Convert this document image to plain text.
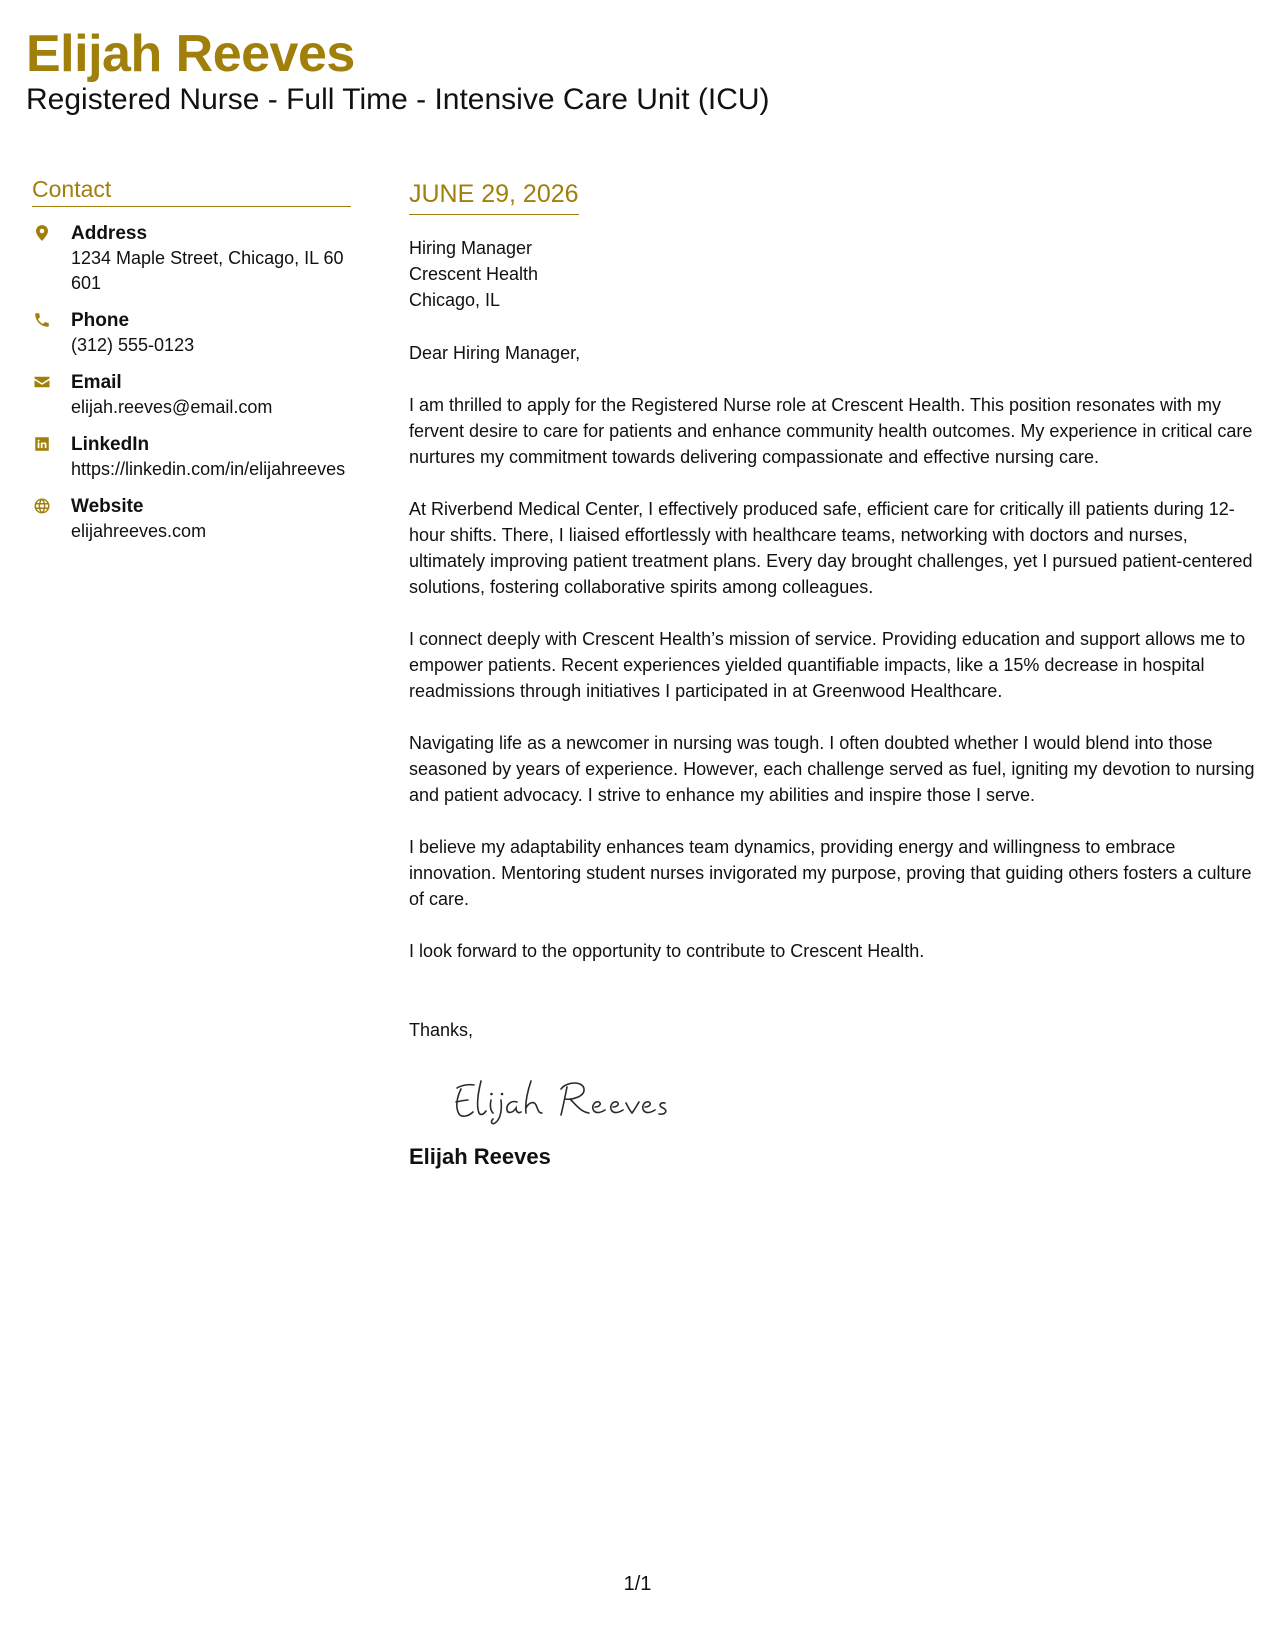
Elijah Reeves
Registered Nurse - Full Time - Intensive Care Unit (ICU)
Contact
Address
1234 Maple Street, Chicago, IL 60601
Phone
(312) 555-0123
Email
elijah.reeves@email.com
LinkedIn
https://linkedin.com/in/elijahreeves
Website
elijahreeves.com
JUNE 29, 2026
Hiring Manager
Crescent Health
Chicago, IL
Dear Hiring Manager,
I am thrilled to apply for the Registered Nurse role at Crescent Health. This position resonates with my fervent desire to care for patients and enhance community health outcomes. My experience in critical care nurtures my commitment towards delivering compassionate and effective nursing care.
At Riverbend Medical Center, I effectively produced safe, efficient care for critically ill patients during 12-hour shifts. There, I liaised effortlessly with healthcare teams, networking with doctors and nurses, ultimately improving patient treatment plans. Every day brought challenges, yet I pursued patient-centered solutions, fostering collaborative spirits among colleagues.
I connect deeply with Crescent Health’s mission of service. Providing education and support allows me to empower patients. Recent experiences yielded quantifiable impacts, like a 15% decrease in hospital readmissions through initiatives I participated in at Greenwood Healthcare.
Navigating life as a newcomer in nursing was tough. I often doubted whether I would blend into those seasoned by years of experience. However, each challenge served as fuel, igniting my devotion to nursing and patient advocacy. I strive to enhance my abilities and inspire those I serve.
I believe my adaptability enhances team dynamics, providing energy and willingness to embrace innovation. Mentoring student nurses invigorated my purpose, proving that guiding others fosters a culture of care.
I look forward to the opportunity to contribute to Crescent Health.
Thanks,
Elijah Reeves
1/1
